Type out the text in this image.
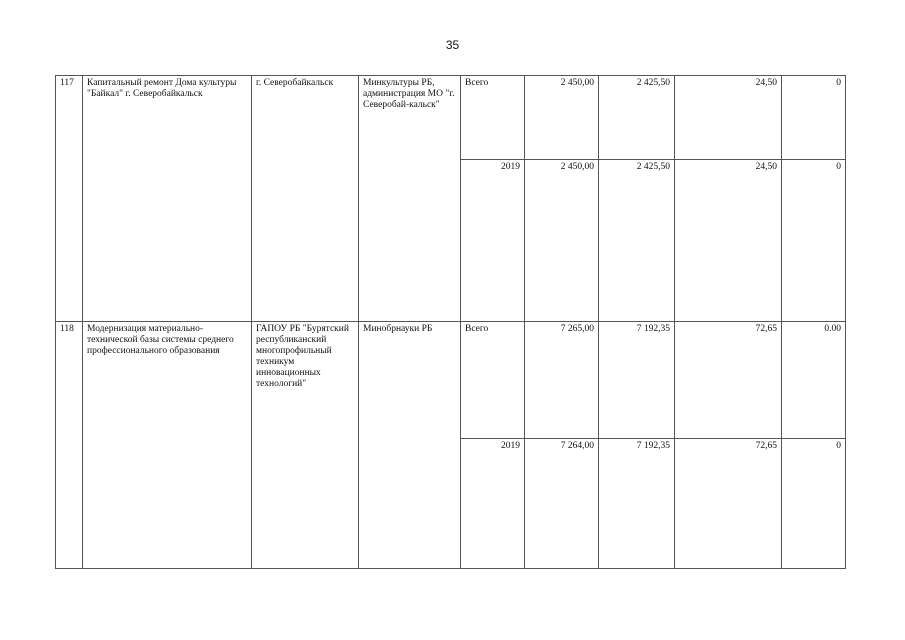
35
117	Капитальный ремонт Дома культуры "Байкал" г. Северобайкальск	г. Северобайкальск	Минкультуры РБ, администрация МО "г. Северобай-кальск"	Всего	2 450,00	2 425,50	24,50	0
				2019	2 450,00	2 425,50	24,50	0
118	Модернизация материально-технической базы системы среднего профессионального образования	ГАПОУ РБ "Бурятский республиканский многопрофильный техникум инновационных технологий"	Минобрнауки РБ	Всего	7 265,00	7 192,35	72,65	0.00
				2019	7 264,00	7 192,35	72,65	0
